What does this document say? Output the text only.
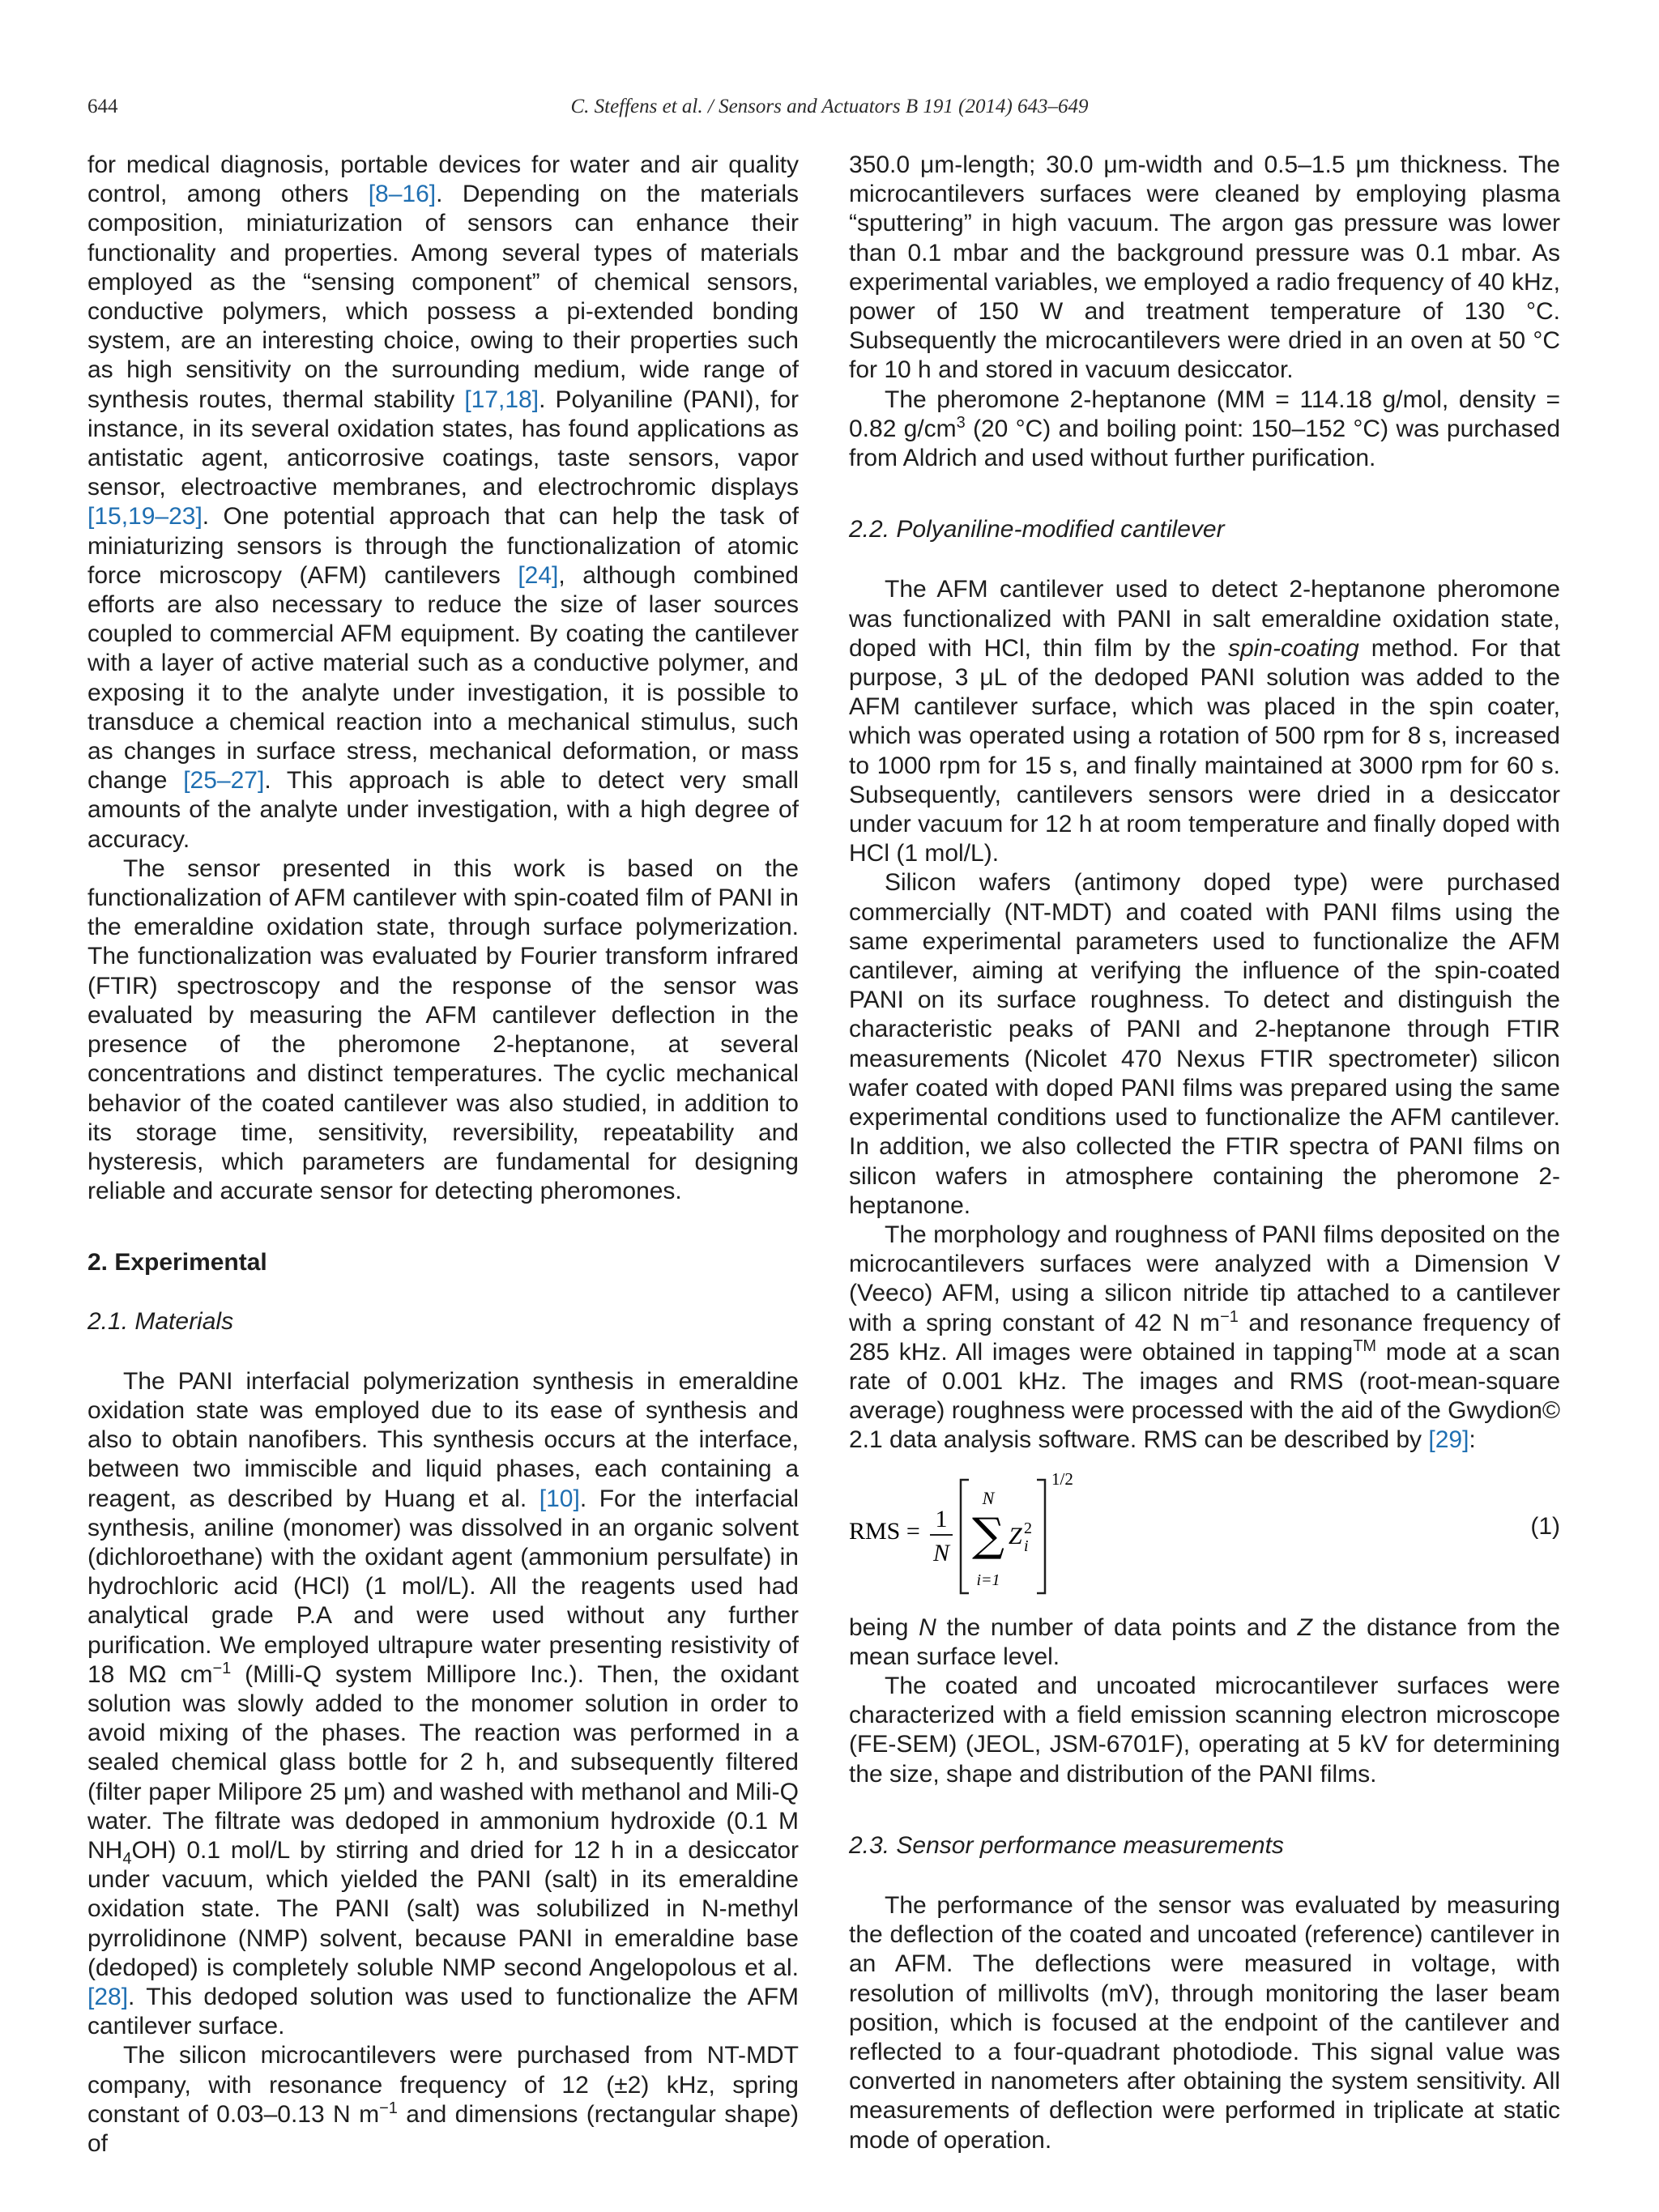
644	C. Steffens et al. / Sensors and Actuators B 191 (2014) 643–649

for medical diagnosis, portable devices for water and air quality control, among others [8–16]. Depending on the materials composition, miniaturization of sensors can enhance their functionality and properties. Among several types of materials employed as the “sensing component” of chemical sensors, conductive polymers, which possess a pi-extended bonding system, are an interesting choice, owing to their properties such as high sensitivity on the surrounding medium, wide range of synthesis routes, thermal stability [17,18]. Polyaniline (PANI), for instance, in its several oxidation states, has found applications as antistatic agent, anticorrosive coatings, taste sensors, vapor sensor, electroactive membranes, and electrochromic displays [15,19–23]. One potential approach that can help the task of miniaturizing sensors is through the functionalization of atomic force microscopy (AFM) cantilevers [24], although combined efforts are also necessary to reduce the size of laser sources coupled to commercial AFM equipment. By coating the cantilever with a layer of active material such as a conductive polymer, and exposing it to the analyte under investigation, it is possible to transduce a chemical reaction into a mechanical stimulus, such as changes in surface stress, mechanical deformation, or mass change [25–27]. This approach is able to detect very small amounts of the analyte under investigation, with a high degree of accuracy.

The sensor presented in this work is based on the functionalization of AFM cantilever with spin-coated film of PANI in the emeraldine oxidation state, through surface polymerization. The functionalization was evaluated by Fourier transform infrared (FTIR) spectroscopy and the response of the sensor was evaluated by measuring the AFM cantilever deflection in the presence of the pheromone 2-heptanone, at several concentrations and distinct temperatures. The cyclic mechanical behavior of the coated cantilever was also studied, in addition to its storage time, sensitivity, reversibility, repeatability and hysteresis, which parameters are fundamental for designing reliable and accurate sensor for detecting pheromones.

2. Experimental

2.1. Materials

The PANI interfacial polymerization synthesis in emeraldine oxidation state was employed due to its ease of synthesis and also to obtain nanofibers. This synthesis occurs at the interface, between two immiscible and liquid phases, each containing a reagent, as described by Huang et al. [10]. For the interfacial synthesis, aniline (monomer) was dissolved in an organic solvent (dichloroethane) with the oxidant agent (ammonium persulfate) in hydrochloric acid (HCl) (1 mol/L). All the reagents used had analytical grade P.A and were used without any further purification. We employed ultrapure water presenting resistivity of 18 MΩ $cm^{-1}$ (Milli-Q system Millipore Inc.). Then, the oxidant solution was slowly added to the monomer solution in order to avoid mixing of the phases. The reaction was performed in a sealed chemical glass bottle for 2 h, and subsequently filtered (filter paper Milipore 25 μm) and washed with methanol and Mili-Q water. The filtrate was dedoped in ammonium hydroxide (0.1 M $NH_4OH$) 0.1 mol/L by stirring and dried for 12 h in a desiccator under vacuum, which yielded the PANI (salt) in its emeraldine oxidation state. The PANI (salt) was solubilized in N-methyl pyrrolidinone (NMP) solvent, because PANI in emeraldine base (dedoped) is completely soluble NMP second Angelopolous et al. [28]. This dedoped solution was used to functionalize the AFM cantilever surface.

The silicon microcantilevers were purchased from NT-MDT company, with resonance frequency of 12 (±2) kHz, spring constant of 0.03–0.13 N $m^{-1}$ and dimensions (rectangular shape) of

350.0 μm-length; 30.0 μm-width and 0.5–1.5 μm thickness. The microcantilevers surfaces were cleaned by employing plasma “sputtering” in high vacuum. The argon gas pressure was lower than 0.1 mbar and the background pressure was 0.1 mbar. As experimental variables, we employed a radio frequency of 40 kHz, power of 150 W and treatment temperature of 130 °C. Subsequently the microcantilevers were dried in an oven at 50 °C for 10 h and stored in vacuum desiccator.

The pheromone 2-heptanone (MM = 114.18 g/mol, density = 0.82 $g/cm^3$ (20 °C) and boiling point: 150–152 °C) was purchased from Aldrich and used without further purification.

2.2. Polyaniline-modified cantilever

The AFM cantilever used to detect 2-heptanone pheromone was functionalized with PANI in salt emeraldine oxidation state, doped with HCl, thin film by the spin-coating method. For that purpose, 3 μL of the dedoped PANI solution was added to the AFM cantilever surface, which was placed in the spin coater, which was operated using a rotation of 500 rpm for 8 s, increased to 1000 rpm for 15 s, and finally maintained at 3000 rpm for 60 s. Subsequently, cantilevers sensors were dried in a desiccator under vacuum for 12 h at room temperature and finally doped with HCl (1 mol/L).

Silicon wafers (antimony doped type) were purchased commercially (NT-MDT) and coated with PANI films using the same experimental parameters used to functionalize the AFM cantilever, aiming at verifying the influence of the spin-coated PANI on its surface roughness. To detect and distinguish the characteristic peaks of PANI and 2-heptanone through FTIR measurements (Nicolet 470 Nexus FTIR spectrometer) silicon wafer coated with doped PANI films was prepared using the same experimental conditions used to functionalize the AFM cantilever. In addition, we also collected the FTIR spectra of PANI films on silicon wafers in atmosphere containing the pheromone 2-heptanone.

The morphology and roughness of PANI films deposited on the microcantilevers surfaces were analyzed with a Dimension V (Veeco) AFM, using a silicon nitride tip attached to a cantilever with a spring constant of 42 N $m^{-1}$ and resonance frequency of 285 kHz. All images were obtained in tapping™ mode at a scan rate of 0.001 kHz. The images and RMS (root-mean-square average) roughness were processed with the aid of the Gwydion© 2.1 data analysis software. RMS can be described by [29]:

RMS = 1
N
N
∑
i=1
Z 2
i
1/2
(1)

being N the number of data points and Z the distance from the mean surface level.

The coated and uncoated microcantilever surfaces were characterized with a field emission scanning electron microscope (FE-SEM) (JEOL, JSM-6701F), operating at 5 kV for determining the size, shape and distribution of the PANI films.

2.3. Sensor performance measurements

The performance of the sensor was evaluated by measuring the deflection of the coated and uncoated (reference) cantilever in an AFM. The deflections were measured in voltage, with resolution of millivolts (mV), through monitoring the laser beam position, which is focused at the endpoint of the cantilever and reflected to a four-quadrant photodiode. This signal value was converted in nanometers after obtaining the system sensitivity. All measurements of deflection were performed in triplicate at static mode of operation.
